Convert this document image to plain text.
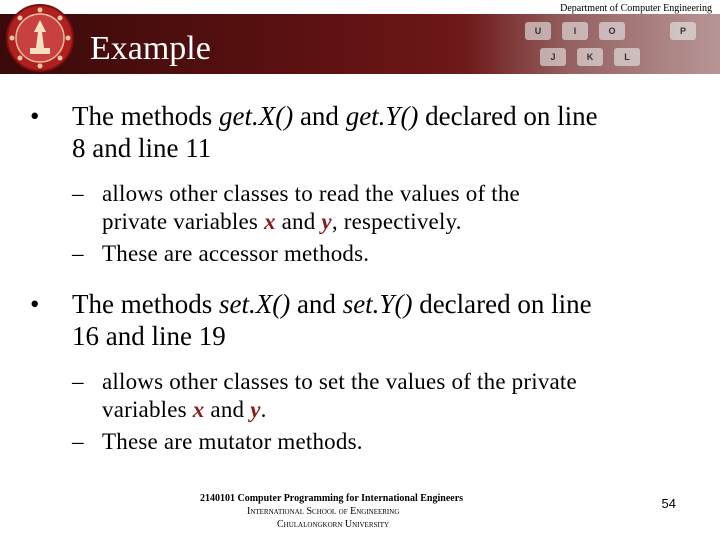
Department of Computer Engineering
U	I	O	P
J	K	L
Example
• The methods get.X() and get.Y() declared on line
8 and line 11
– allows other classes to read the values of the
private variables x and y, respectively.
– These are accessor methods.
• The methods set.X() and set.Y() declared on line
16 and line 19
– allows other classes to set the values of the private
variables x and y.
– These are mutator methods.
2140101 Computer Programming for International Engineers
International School of Engineering
Chulalongkorn University
54
